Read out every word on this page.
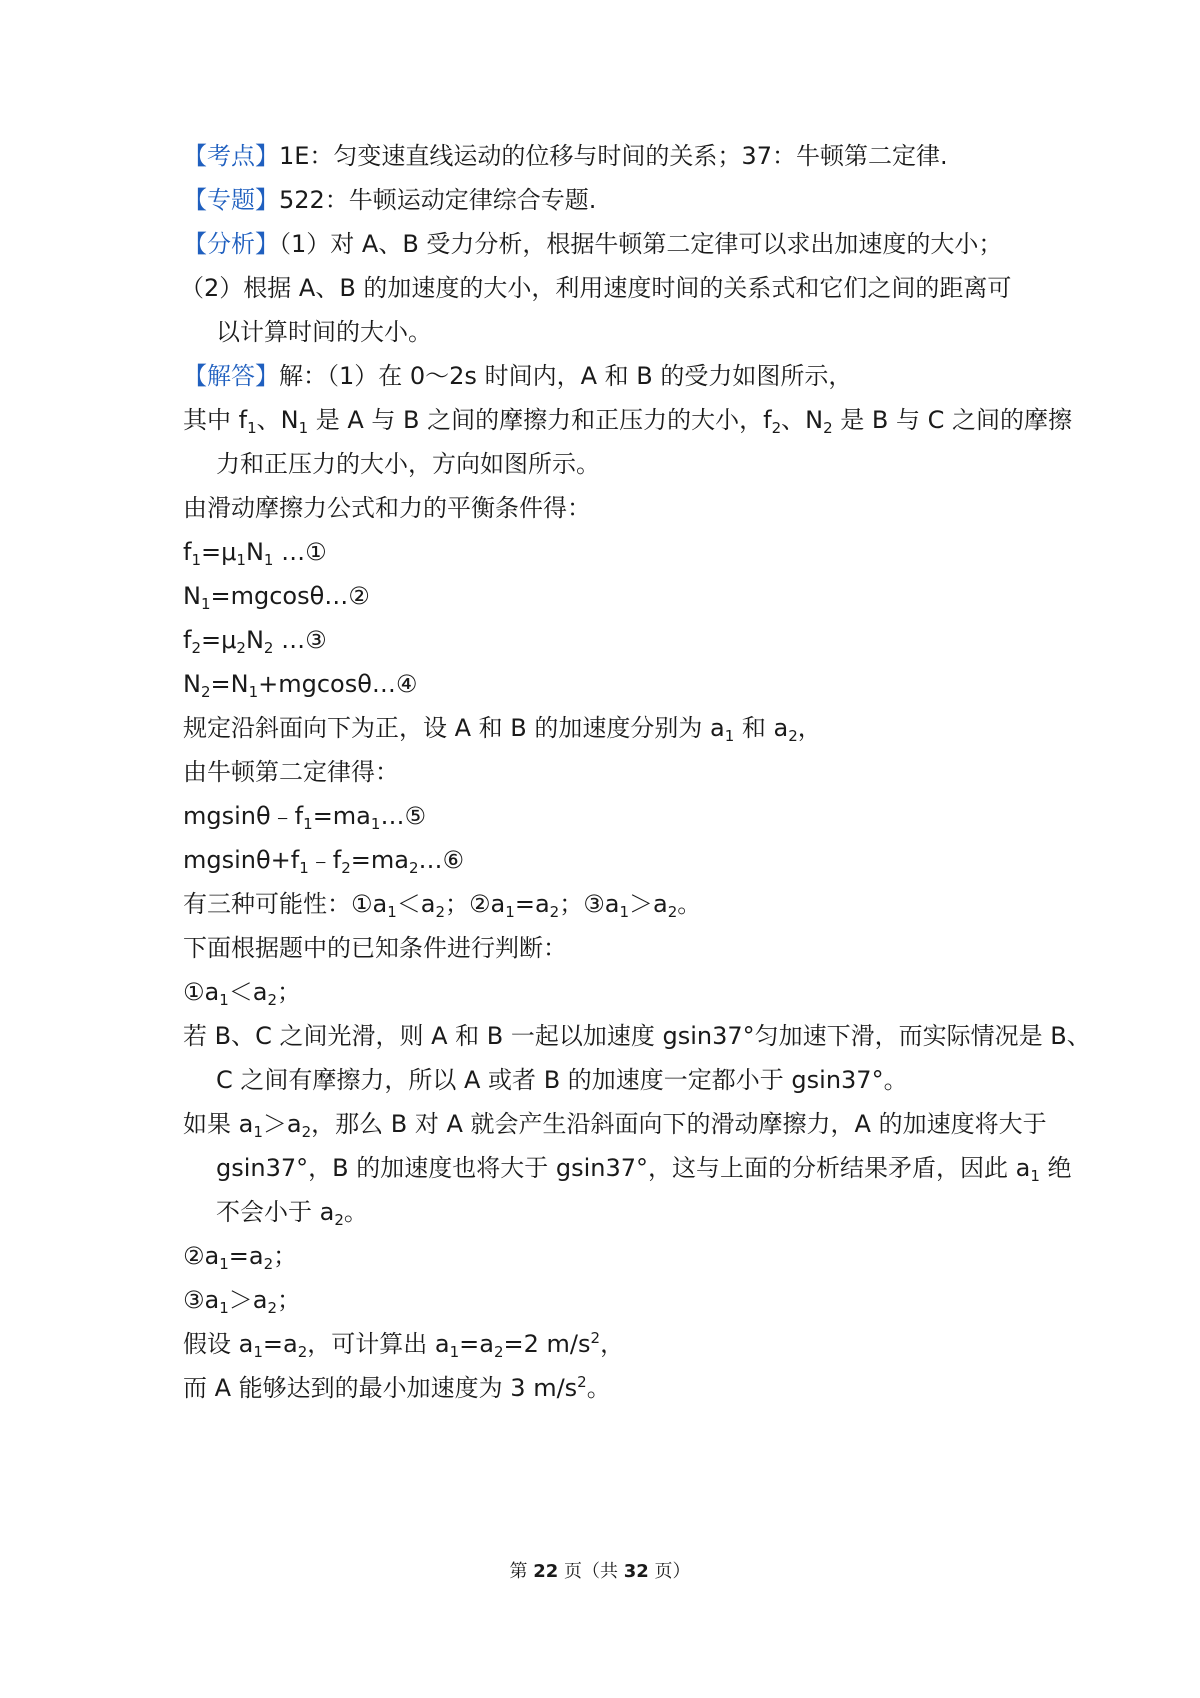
【考点】1E：匀变速直线运动的位移与时间的关系；37：牛顿第二定律.
【专题】522：牛顿运动定律综合专题.
【分析】（1）对 A、B 受力分析，根据牛顿第二定律可以求出加速度的大小；
（2）根据 A、B 的加速度的大小，利用速度时间的关系式和它们之间的距离可
以计算时间的大小。
【解答】解：（1）在 0～2s 时间内，A 和 B 的受力如图所示，
其中 $f_1$、$N_1$ 是 A 与 B 之间的摩擦力和正压力的大小，$f_2$、$N_2$ 是 B 与 C 之间的摩擦
力和正压力的大小，方向如图所示。
由滑动摩擦力公式和力的平衡条件得：
$f_1=\mu_1N_1$ …①
$N_1=mgcos\theta\dots ②$
$f_2=\mu_2N_2$ …③
$N_2=N_1+mgcos\theta\dots ④$
规定沿斜面向下为正，设 A 和 B 的加速度分别为 $a_1$ 和 $a_2$，
由牛顿第二定律得：
$mgsin\theta﹣f_1=ma_1\dots ⑤$
$mgsin\theta+f_1﹣f_2=ma_2\dots ⑥$
有三种可能性：$①a_1<a_2$；$②a_1=a_2$；$③a_1>a_2$。
下面根据题中的已知条件进行判断：
$①a_1<a_2$；
若 B、C 之间光滑，则 A 和 B 一起以加速度 gsin37°匀加速下滑，而实际情况是 B、
C 之间有摩擦力，所以 A 或者 B 的加速度一定都小于 gsin37°。
如果 $a_1>a_2$，那么 B 对 A 就会产生沿斜面向下的滑动摩擦力，A 的加速度将大于
gsin37°，B 的加速度也将大于 gsin37°，这与上面的分析结果矛盾，因此 $a_1$ 绝
不会小于 $a_2$。
$②a_1=a_2$；
$③a_1>a_2$；
假设 $a_1=a_2$，可计算出 $a_1=a_2=2$ $m/s^2$，
而 A 能够达到的最小加速度为 3 $m/s^2$。
第 22 页（共 32 页）
